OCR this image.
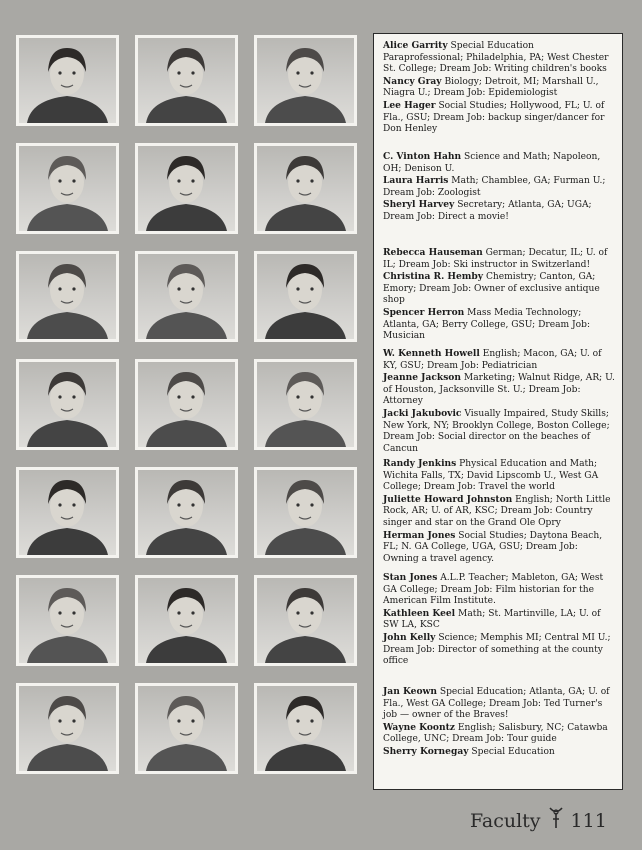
Alice Garrity Special Education Paraprofessional; Philadelphia, PA; West Chester St. College; Dream Job: Writing children's books

Nancy Gray Biology; Detroit, MI; Marshall U., Niagra U.; Dream Job: Epidemiologist

Lee Hager Social Studies; Hollywood, FL; U. of Fla., GSU; Dream Job: backup singer/dancer for Don Henley

C. Vinton Hahn Science and Math; Napoleon, OH; Denison U.

Laura Harris Math; Chamblee, GA; Furman U.; Dream Job: Zoologist

Sheryl Harvey Secretary; Atlanta, GA; UGA; Dream Job: Direct a movie!

Rebecca Hauseman German; Decatur, IL; U. of IL; Dream Job: Ski instructor in Switzerland!

Christina R. Hemby Chemistry; Canton, GA; Emory; Dream Job: Owner of exclusive antique shop

Spencer Herron Mass Media Technology; Atlanta, GA; Berry College, GSU; Dream Job: Musician

W. Kenneth Howell English; Macon, GA; U. of KY, GSU; Dream Job: Pediatrician

Jeanne Jackson Marketing; Walnut Ridge, AR; U. of Houston, Jacksonville St. U.; Dream Job: Attorney

Jacki Jakubovic Visually Impaired, Study Skills; New York, NY; Brooklyn College, Boston College; Dream Job: Social director on the beaches of Cancun

Randy Jenkins Physical Education and Math; Wichita Falls, TX; David Lipscomb U., West GA College; Dream Job: Travel the world

Juliette Howard Johnston English; North Little Rock, AR; U. of AR, KSC; Dream Job: Country singer and star on the Grand Ole Opry

Herman Jones Social Studies; Daytona Beach, FL; N. GA College, UGA, GSU; Dream Job: Owning a travel agency.

Stan Jones A.L.P. Teacher; Mableton, GA; West GA College; Dream Job: Film historian for the American Film Institute.

Kathleen Keel Math; St. Martinville, LA; U. of SW LA, KSC

John Kelly Science; Memphis MI; Central MI U.; Dream Job: Director of something at the county office

Jan Keown Special Education; Atlanta, GA; U. of Fla., West GA College; Dream Job: Ted Turner's job — owner of the Braves!

Wayne Koontz English; Salisbury, NC; Catawba College, UNC; Dream Job: Tour guide

Sherry Kornegay Special Education

Faculty 111
